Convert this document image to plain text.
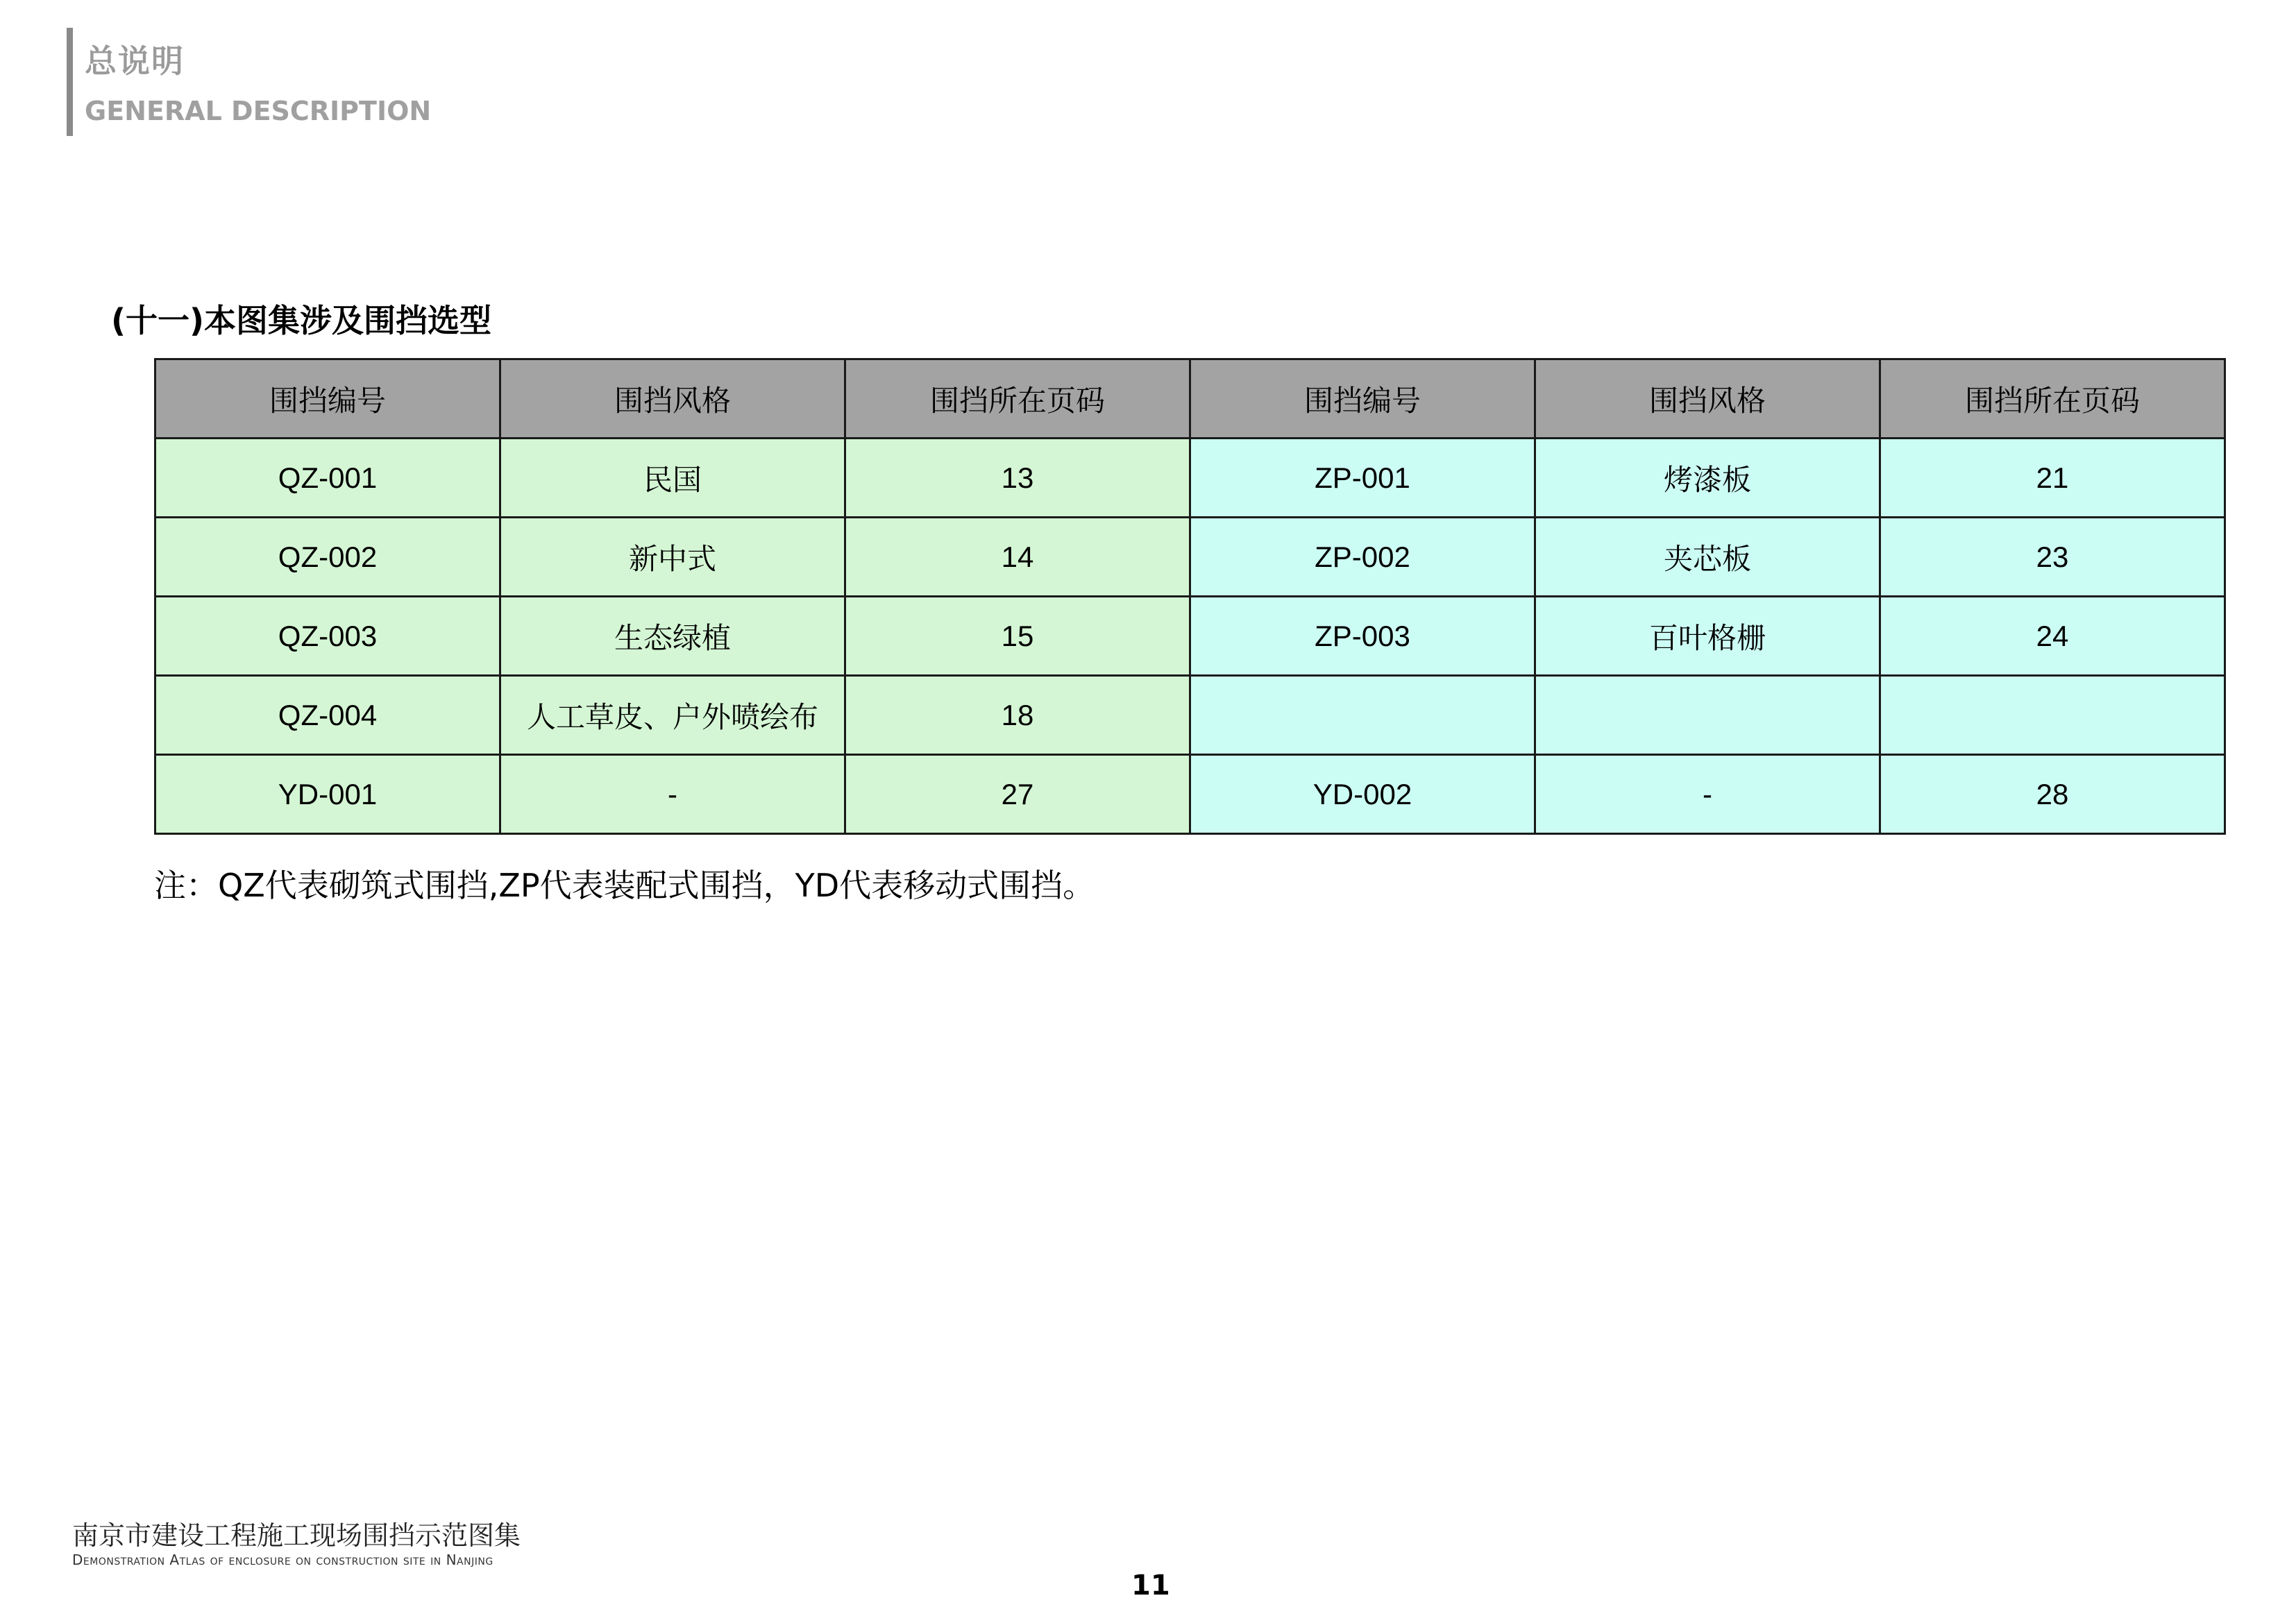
总说明
GENERAL DESCRIPTION
(十一)本图集涉及围挡选型
围挡编号	围挡风格	围挡所在页码	围挡编号	围挡风格	围挡所在页码
QZ-001	民国	13	ZP-001	烤漆板	21
QZ-002	新中式	14	ZP-002	夹芯板	23
QZ-003	生态绿植	15	ZP-003	百叶格栅	24
QZ-004	人工草皮、户外喷绘布	18			
YD-001	-	27	YD-002	-	28
注：QZ代表砌筑式围挡,ZP代表装配式围挡，YD代表移动式围挡。
南京市建设工程施工现场围挡示范图集
Demonstration Atlas of enclosure on construction site in Nanjing
11
